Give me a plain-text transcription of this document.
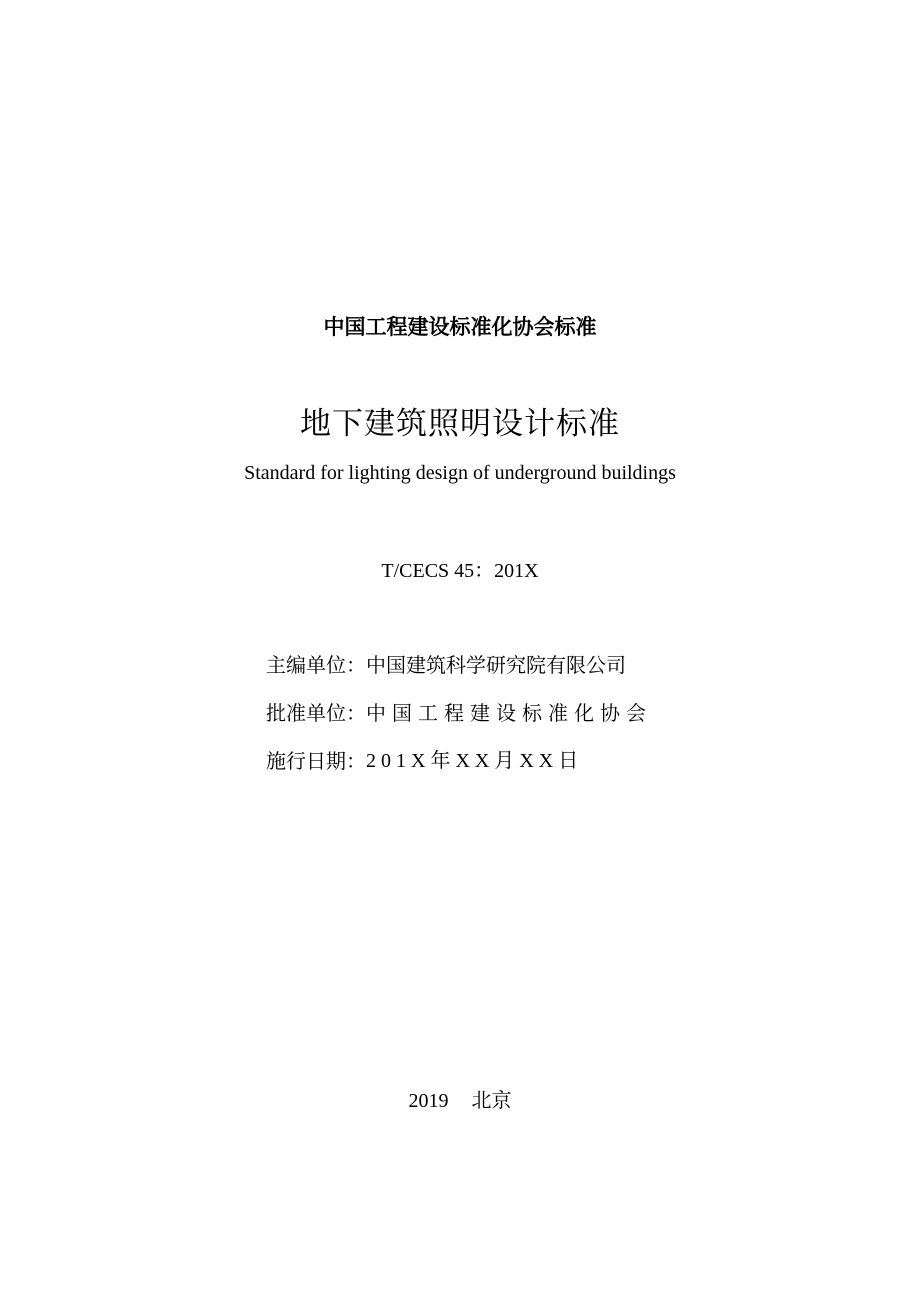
中国工程建设标准化协会标准
地下建筑照明设计标准
Standard for lighting design of underground buildings
T/CECS 45：201X
主编单位： 中国建筑科学研究院有限公司
批准单位： 中国工程建设标准化协会
施行日期： 2 0 1 X 年 X X 月 X X 日
2019 北京
